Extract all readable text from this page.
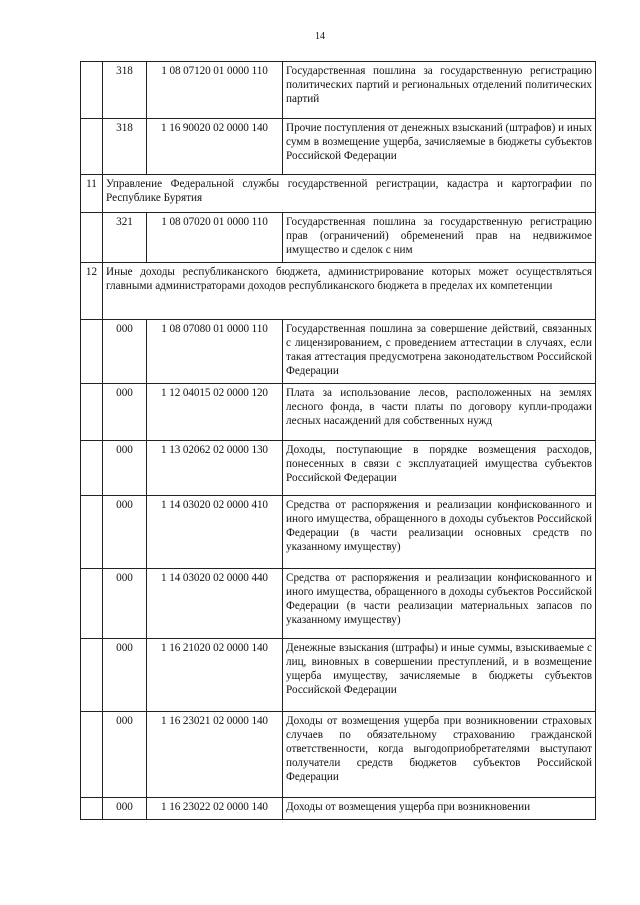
14
	318	1 08 07120 01 0000 110	Государственная пошлина за государственную регистрацию политических партий и региональных отделений политических партий
	318	1 16 90020 02 0000 140	Прочие поступления от денежных взысканий (штрафов) и иных сумм в возмещение ущерба, зачисляемые в бюджеты субъектов Российской Федерации
11	Управление Федеральной службы государственной регистрации, кадастра и картографии по Республике Бурятия		
	321	1 08 07020 01 0000 110	Государственная пошлина за государственную регистрацию прав (ограничений) обременений прав на недвижимое имущество и сделок с ним
12	Иные доходы республиканского бюджета, администрирование которых может осуществляться главными администраторами доходов республиканского бюджета в пределах их компетенции		
	000	1 08 07080 01 0000 110	Государственная пошлина за совершение действий, связанных с лицензированием, с проведением аттестации в случаях, если такая аттестация предусмотрена законодательством Российской Федерации
	000	1 12 04015 02 0000 120	Плата за использование лесов, расположенных на землях лесного фонда, в части платы по договору купли-продажи лесных насаждений для собственных нужд
	000	1 13 02062 02 0000 130	Доходы, поступающие в порядке возмещения расходов, понесенных в связи с эксплуатацией имущества субъектов Российской Федерации
	000	1 14 03020 02 0000 410	Средства от распоряжения и реализации конфискованного и иного имущества, обращенного в доходы субъектов Российской Федерации (в части реализации основных средств по указанному имуществу)
	000	1 14 03020 02 0000 440	Средства от распоряжения и реализации конфискованного и иного имущества, обращенного в доходы субъектов Российской Федерации (в части реализации материальных запасов по указанному имуществу)
	000	1 16 21020 02 0000 140	Денежные взыскания (штрафы) и иные суммы, взыскиваемые с лиц, виновных в совершении преступлений, и в возмещение ущерба имуществу, зачисляемые в бюджеты субъектов Российской Федерации
	000	1 16 23021 02 0000 140	Доходы от возмещения ущерба при возникновении страховых случаев по обязательному страхованию гражданской ответственности, когда выгодоприобретателями выступают получатели средств бюджетов субъектов Российской Федерации
	000	1 16 23022 02 0000 140	Доходы от возмещения ущерба при возникновении
